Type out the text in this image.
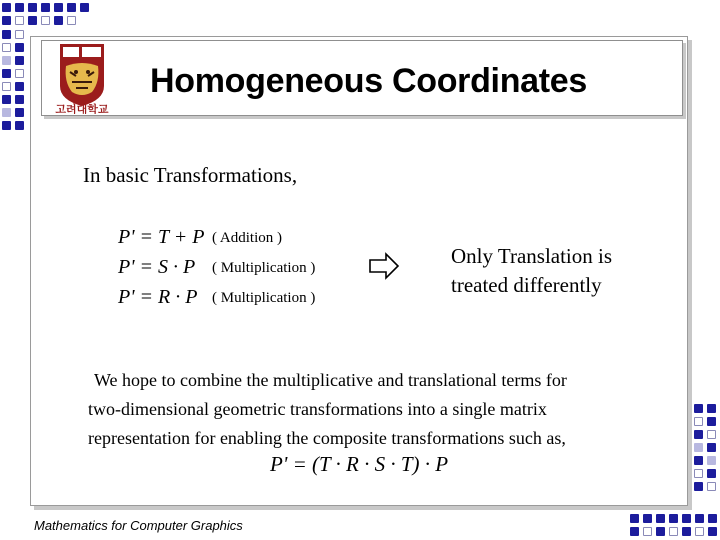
고려대학교
Homogeneous Coordinates
In basic Transformations,
P' = T + P ( Addition )
P' = S · P ( Multiplication )
P' = R · P ( Multiplication )
Only Translation is
treated differently
We hope to combine the multiplicative and translational terms for
two-dimensional geometric transformations into a single matrix
representation for enabling the composite transformations such as,
P' = (T · R · S · T) · P
Mathematics for Computer Graphics
